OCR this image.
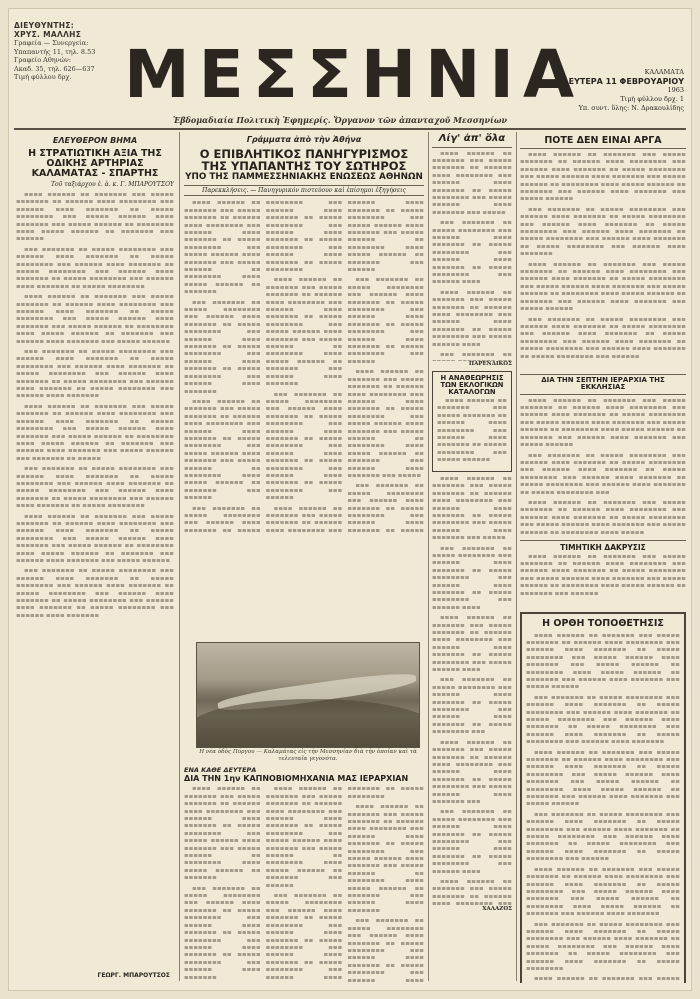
ΔΙΕΥΘΥΝΤΗΣ:
ΧΡΥΣ. ΜΑΛΛΗΣ
Γραφεία — Συνεργεία:
Υπαπαντής 11, τηλ. 8.53
Γραφείο Αθηνών:
Ακαδ. 35, τηλ. 626—637
Τιμή φύλλου δρχ. ΜΕΣΣΗΝΙΑ
Ἑβδομαδιαία Πολιτικὴ Ἐφημερίς. Ὄργανον τῶν ἁπανταχοῦ Μεσσηνίων
ΚΑΛΑΜΑΤΑ
ΔΕΥΤΕΡΑ 11 ΦΕΒΡΟΥΑΡΙΟΥ
1963
Τιμὴ φύλλου δρχ. 1
Υπ. συντ. ὕλης: Ν. Δρακουλίδης
ΕΛΕΥΘΕΡΟΝ ΒΗΜΑ
Η ΣΤΡΑΤΙΩΤΙΚΗ ΑΞΙΑ ΤΗΣ ΟΔΙΚΗΣ ΑΡΤΗΡΙΑΣ ΚΑΛΑΜΑΤΑΣ - ΣΠΑΡΤΗΣ
Τοῦ ταξιάρχου ἐ. ἀ. κ. Γ. ΜΠΑΡΟΥΤΣΟΥ

≡≡≡≡ ≡≡≡≡≡≡ ≡≡ ≡≡≡≡≡≡≡ ≡≡≡ ≡≡≡≡≡ ≡≡≡≡≡≡≡ ≡≡ ≡≡≡≡≡≡ ≡≡≡≡ ≡≡≡≡≡≡≡≡ ≡≡≡ ≡≡≡≡≡≡ ≡≡≡≡ ≡≡≡≡≡≡≡ ≡≡ ≡≡≡≡≡ ≡≡≡≡≡≡≡≡ ≡≡≡ ≡≡≡≡≡ ≡≡≡≡≡≡ ≡≡≡≡ ≡≡≡≡≡≡≡ ≡≡≡ ≡≡≡≡≡ ≡≡≡≡≡≡ ≡≡ ≡≡≡≡≡≡≡≡ ≡≡≡≡ ≡≡≡≡≡ ≡≡≡≡≡≡ ≡≡ ≡≡≡≡≡≡≡ ≡≡≡ ≡≡≡≡≡≡

≡≡≡ ≡≡≡≡≡≡≡ ≡≡ ≡≡≡≡≡ ≡≡≡≡≡≡≡≡ ≡≡≡ ≡≡≡≡≡≡ ≡≡≡≡ ≡≡≡≡≡≡≡ ≡≡ ≡≡≡≡≡ ≡≡≡≡≡≡≡≡ ≡≡≡ ≡≡≡≡≡≡ ≡≡≡≡ ≡≡≡≡≡≡≡ ≡≡ ≡≡≡≡≡ ≡≡≡≡≡≡≡≡ ≡≡≡ ≡≡≡≡≡≡ ≡≡≡≡ ≡≡≡≡≡≡≡ ≡≡ ≡≡≡≡≡ ≡≡≡≡≡≡≡≡ ≡≡≡ ≡≡≡≡≡≡ ≡≡≡≡ ≡≡≡≡≡≡≡ ≡≡ ≡≡≡≡≡ ≡≡≡≡≡≡≡≡

≡≡≡≡ ≡≡≡≡≡≡ ≡≡ ≡≡≡≡≡≡≡ ≡≡≡ ≡≡≡≡≡ ≡≡≡≡≡≡≡ ≡≡ ≡≡≡≡≡≡ ≡≡≡≡ ≡≡≡≡≡≡≡≡ ≡≡≡ ≡≡≡≡≡≡ ≡≡≡≡ ≡≡≡≡≡≡≡ ≡≡ ≡≡≡≡≡ ≡≡≡≡≡≡≡≡ ≡≡≡ ≡≡≡≡≡ ≡≡≡≡≡≡ ≡≡≡≡ ≡≡≡≡≡≡≡ ≡≡≡ ≡≡≡≡≡ ≡≡≡≡≡≡ ≡≡ ≡≡≡≡≡≡≡≡ ≡≡≡≡ ≡≡≡≡≡ ≡≡≡≡≡≡ ≡≡ ≡≡≡≡≡≡≡ ≡≡≡ ≡≡≡≡≡≡ ≡≡≡≡ ≡≡≡≡≡≡≡ ≡≡≡ ≡≡≡≡≡ ≡≡≡≡≡≡

≡≡≡ ≡≡≡≡≡≡≡ ≡≡ ≡≡≡≡≡ ≡≡≡≡≡≡≡≡ ≡≡≡ ≡≡≡≡≡≡ ≡≡≡≡ ≡≡≡≡≡≡≡ ≡≡ ≡≡≡≡≡ ≡≡≡≡≡≡≡≡ ≡≡≡ ≡≡≡≡≡≡ ≡≡≡≡ ≡≡≡≡≡≡≡ ≡≡ ≡≡≡≡≡ ≡≡≡≡≡≡≡≡ ≡≡≡ ≡≡≡≡≡≡ ≡≡≡≡ ≡≡≡≡≡≡≡ ≡≡ ≡≡≡≡≡ ≡≡≡≡≡≡≡≡ ≡≡≡ ≡≡≡≡≡≡ ≡≡≡≡ ≡≡≡≡≡≡≡ ≡≡ ≡≡≡≡≡ ≡≡≡≡≡≡≡≡ ≡≡≡ ≡≡≡≡≡≡ ≡≡≡≡ ≡≡≡≡≡≡≡

≡≡≡≡ ≡≡≡≡≡≡ ≡≡ ≡≡≡≡≡≡≡ ≡≡≡ ≡≡≡≡≡ ≡≡≡≡≡≡≡ ≡≡ ≡≡≡≡≡≡ ≡≡≡≡ ≡≡≡≡≡≡≡≡ ≡≡≡ ≡≡≡≡≡≡ ≡≡≡≡ ≡≡≡≡≡≡≡ ≡≡ ≡≡≡≡≡ ≡≡≡≡≡≡≡≡ ≡≡≡ ≡≡≡≡≡ ≡≡≡≡≡≡ ≡≡≡≡ ≡≡≡≡≡≡≡ ≡≡≡ ≡≡≡≡≡ ≡≡≡≡≡≡ ≡≡ ≡≡≡≡≡≡≡≡ ≡≡≡≡ ≡≡≡≡≡ ≡≡≡≡≡≡ ≡≡ ≡≡≡≡≡≡≡ ≡≡≡ ≡≡≡≡≡≡ ≡≡≡≡ ≡≡≡≡≡≡≡ ≡≡≡ ≡≡≡≡≡ ≡≡≡≡≡≡ ≡≡≡ ≡≡≡≡≡≡≡ ≡≡ ≡≡≡≡≡

≡≡≡ ≡≡≡≡≡≡≡ ≡≡ ≡≡≡≡≡ ≡≡≡≡≡≡≡≡ ≡≡≡ ≡≡≡≡≡≡ ≡≡≡≡ ≡≡≡≡≡≡≡ ≡≡ ≡≡≡≡≡ ≡≡≡≡≡≡≡≡ ≡≡≡ ≡≡≡≡≡≡ ≡≡≡≡ ≡≡≡≡≡≡≡ ≡≡ ≡≡≡≡≡ ≡≡≡≡≡≡≡≡ ≡≡≡ ≡≡≡≡≡≡ ≡≡≡≡ ≡≡≡≡≡≡≡ ≡≡ ≡≡≡≡≡ ≡≡≡≡≡≡≡≡ ≡≡≡ ≡≡≡≡≡≡ ≡≡≡≡ ≡≡≡≡≡≡≡ ≡≡ ≡≡≡≡≡ ≡≡≡≡≡≡≡≡

≡≡≡≡ ≡≡≡≡≡≡ ≡≡ ≡≡≡≡≡≡≡ ≡≡≡ ≡≡≡≡≡ ≡≡≡≡≡≡≡ ≡≡ ≡≡≡≡≡≡ ≡≡≡≡ ≡≡≡≡≡≡≡≡ ≡≡≡ ≡≡≡≡≡≡ ≡≡≡≡ ≡≡≡≡≡≡≡ ≡≡ ≡≡≡≡≡ ≡≡≡≡≡≡≡≡ ≡≡≡ ≡≡≡≡≡ ≡≡≡≡≡≡ ≡≡≡≡ ≡≡≡≡≡≡≡ ≡≡≡ ≡≡≡≡≡ ≡≡≡≡≡≡ ≡≡ ≡≡≡≡≡≡≡≡ ≡≡≡≡ ≡≡≡≡≡ ≡≡≡≡≡≡ ≡≡ ≡≡≡≡≡≡≡ ≡≡≡ ≡≡≡≡≡≡ ≡≡≡≡ ≡≡≡≡≡≡≡ ≡≡≡ ≡≡≡≡≡ ≡≡≡≡≡≡

≡≡≡ ≡≡≡≡≡≡≡ ≡≡ ≡≡≡≡≡ ≡≡≡≡≡≡≡≡ ≡≡≡ ≡≡≡≡≡≡ ≡≡≡≡ ≡≡≡≡≡≡≡ ≡≡ ≡≡≡≡≡ ≡≡≡≡≡≡≡≡ ≡≡≡ ≡≡≡≡≡≡ ≡≡≡≡ ≡≡≡≡≡≡≡ ≡≡ ≡≡≡≡≡ ≡≡≡≡≡≡≡≡ ≡≡≡ ≡≡≡≡≡≡ ≡≡≡≡ ≡≡≡≡≡≡≡ ≡≡ ≡≡≡≡≡ ≡≡≡≡≡≡≡≡ ≡≡≡ ≡≡≡≡≡≡ ≡≡≡≡ ≡≡≡≡≡≡≡ ≡≡ ≡≡≡≡≡ ≡≡≡≡≡≡≡≡ ≡≡≡ ≡≡≡≡≡≡ ≡≡≡≡ ≡≡≡≡≡≡≡

ΓΕΩΡΓ. ΜΠΑΡΟΥΤΣΟΣ
Γράμματα ἀπὸ τὴν Ἀθήνα
Ο ΕΠΙΒΛΗΤΙΚΟΣ ΠΑΝΗΓΥΡΙΣΜΟΣ
ΤΗΣ ΥΠΑΠΑΝΤΗΣ ΤΟΥ ΣΩΤΗΡΟΣ
ΥΠΟ ΤΗΣ ΠΑΜΜΕΣΣΗΝΙΑΚΗΣ ΕΝΩΣΕΩΣ ΑΘΗΝΩΝ
Παρεκκλήσεις. — Πανηγυρικόν πιστεύουν καὶ ἐπίσημοι ἐξηγήσεις

≡≡≡≡ ≡≡≡≡≡≡ ≡≡ ≡≡≡≡≡≡≡ ≡≡≡ ≡≡≡≡≡ ≡≡≡≡≡≡≡ ≡≡ ≡≡≡≡≡≡ ≡≡≡≡ ≡≡≡≡≡≡≡≡ ≡≡≡ ≡≡≡≡≡≡ ≡≡≡≡ ≡≡≡≡≡≡≡ ≡≡ ≡≡≡≡≡ ≡≡≡≡≡≡≡≡ ≡≡≡ ≡≡≡≡≡ ≡≡≡≡≡≡ ≡≡≡≡ ≡≡≡≡≡≡≡ ≡≡≡ ≡≡≡≡≡ ≡≡≡≡≡≡ ≡≡ ≡≡≡≡≡≡≡≡ ≡≡≡≡ ≡≡≡≡≡ ≡≡≡≡≡≡ ≡≡ ≡≡≡≡≡≡≡

≡≡≡ ≡≡≡≡≡≡≡ ≡≡ ≡≡≡≡≡ ≡≡≡≡≡≡≡≡ ≡≡≡ ≡≡≡≡≡≡ ≡≡≡≡ ≡≡≡≡≡≡≡ ≡≡ ≡≡≡≡≡ ≡≡≡≡≡≡≡≡ ≡≡≡ ≡≡≡≡≡≡ ≡≡≡≡ ≡≡≡≡≡≡≡ ≡≡ ≡≡≡≡≡ ≡≡≡≡≡≡≡≡ ≡≡≡ ≡≡≡≡≡≡ ≡≡≡≡ ≡≡≡≡≡≡≡ ≡≡ ≡≡≡≡≡ ≡≡≡≡≡≡≡≡ ≡≡≡ ≡≡≡≡≡≡ ≡≡≡≡ ≡≡≡≡≡≡≡

≡≡≡≡ ≡≡≡≡≡≡ ≡≡ ≡≡≡≡≡≡≡ ≡≡≡ ≡≡≡≡≡ ≡≡≡≡≡≡≡ ≡≡ ≡≡≡≡≡≡ ≡≡≡≡ ≡≡≡≡≡≡≡≡ ≡≡≡ ≡≡≡≡≡≡ ≡≡≡≡ ≡≡≡≡≡≡≡ ≡≡ ≡≡≡≡≡ ≡≡≡≡≡≡≡≡ ≡≡≡ ≡≡≡≡≡ ≡≡≡≡≡≡ ≡≡≡≡ ≡≡≡≡≡≡≡ ≡≡≡ ≡≡≡≡≡ ≡≡≡≡≡≡ ≡≡ ≡≡≡≡≡≡≡≡ ≡≡≡≡ ≡≡≡≡≡ ≡≡≡≡≡≡ ≡≡ ≡≡≡≡≡≡≡ ≡≡≡ ≡≡≡≡≡≡

≡≡≡ ≡≡≡≡≡≡≡ ≡≡ ≡≡≡≡≡ ≡≡≡≡≡≡≡≡ ≡≡≡ ≡≡≡≡≡≡ ≡≡≡≡ ≡≡≡≡≡≡≡ ≡≡ ≡≡≡≡≡ ≡≡≡≡≡≡≡≡ ≡≡≡ ≡≡≡≡≡≡ ≡≡≡≡ ≡≡≡≡≡≡≡ ≡≡ ≡≡≡≡≡ ≡≡≡≡≡≡≡≡ ≡≡≡ ≡≡≡≡≡≡ ≡≡≡≡ ≡≡≡≡≡≡≡ ≡≡ ≡≡≡≡≡ ≡≡≡≡≡≡≡≡ ≡≡≡ ≡≡≡≡≡≡ ≡≡≡≡ ≡≡≡≡≡≡≡ ≡≡ ≡≡≡≡≡ ≡≡≡≡≡≡≡≡

≡≡≡≡ ≡≡≡≡≡≡ ≡≡ ≡≡≡≡≡≡≡ ≡≡≡ ≡≡≡≡≡ ≡≡≡≡≡≡≡ ≡≡ ≡≡≡≡≡≡ ≡≡≡≡ ≡≡≡≡≡≡≡≡ ≡≡≡ ≡≡≡≡≡≡ ≡≡≡≡ ≡≡≡≡≡≡≡ ≡≡ ≡≡≡≡≡ ≡≡≡≡≡≡≡≡ ≡≡≡ ≡≡≡≡≡ ≡≡≡≡≡≡ ≡≡≡≡ ≡≡≡≡≡≡≡ ≡≡≡ ≡≡≡≡≡ ≡≡≡≡≡≡ ≡≡ ≡≡≡≡≡≡≡≡ ≡≡≡≡ ≡≡≡≡≡ ≡≡≡≡≡≡ ≡≡ ≡≡≡≡≡≡≡ ≡≡≡ ≡≡≡≡≡≡ ≡≡≡≡ ≡≡≡≡≡≡≡

≡≡≡ ≡≡≡≡≡≡≡ ≡≡ ≡≡≡≡≡ ≡≡≡≡≡≡≡≡ ≡≡≡ ≡≡≡≡≡≡ ≡≡≡≡ ≡≡≡≡≡≡≡ ≡≡ ≡≡≡≡≡ ≡≡≡≡≡≡≡≡ ≡≡≡ ≡≡≡≡≡≡ ≡≡≡≡ ≡≡≡≡≡≡≡ ≡≡ ≡≡≡≡≡ ≡≡≡≡≡≡≡≡ ≡≡≡ ≡≡≡≡≡≡ ≡≡≡≡ ≡≡≡≡≡≡≡ ≡≡ ≡≡≡≡≡ ≡≡≡≡≡≡≡≡ ≡≡≡ ≡≡≡≡≡≡ ≡≡≡≡ ≡≡≡≡≡≡≡ ≡≡ ≡≡≡≡≡ ≡≡≡≡≡≡≡≡ ≡≡≡ ≡≡≡≡≡≡

≡≡≡≡ ≡≡≡≡≡≡ ≡≡ ≡≡≡≡≡≡≡ ≡≡≡ ≡≡≡≡≡ ≡≡≡≡≡≡≡ ≡≡ ≡≡≡≡≡≡ ≡≡≡≡ ≡≡≡≡≡≡≡≡ ≡≡≡ ≡≡≡≡≡≡ ≡≡≡≡ ≡≡≡≡≡≡≡ ≡≡ ≡≡≡≡≡ ≡≡≡≡≡≡≡≡ ≡≡≡ ≡≡≡≡≡ ≡≡≡≡≡≡ ≡≡≡≡ ≡≡≡≡≡≡≡ ≡≡≡ ≡≡≡≡≡ ≡≡≡≡≡≡ ≡≡ ≡≡≡≡≡≡≡≡ ≡≡≡≡ ≡≡≡≡≡ ≡≡≡≡≡≡ ≡≡ ≡≡≡≡≡≡≡ ≡≡≡ ≡≡≡≡≡≡

≡≡≡ ≡≡≡≡≡≡≡ ≡≡ ≡≡≡≡≡ ≡≡≡≡≡≡≡≡ ≡≡≡ ≡≡≡≡≡≡ ≡≡≡≡ ≡≡≡≡≡≡≡ ≡≡ ≡≡≡≡≡ ≡≡≡≡≡≡≡≡ ≡≡≡ ≡≡≡≡≡≡ ≡≡≡≡ ≡≡≡≡≡≡≡ ≡≡ ≡≡≡≡≡ ≡≡≡≡≡≡≡≡ ≡≡≡ ≡≡≡≡≡≡ ≡≡≡≡ ≡≡≡≡≡≡≡ ≡≡ ≡≡≡≡≡ ≡≡≡≡≡≡≡≡ ≡≡≡ ≡≡≡≡≡≡

≡≡≡≡ ≡≡≡≡≡≡ ≡≡ ≡≡≡≡≡≡≡ ≡≡≡ ≡≡≡≡≡ ≡≡≡≡≡≡≡ ≡≡ ≡≡≡≡≡≡ ≡≡≡≡ ≡≡≡≡≡≡≡≡ ≡≡≡ ≡≡≡≡≡≡ ≡≡≡≡ ≡≡≡≡≡≡≡ ≡≡ ≡≡≡≡≡ ≡≡≡≡≡≡≡≡ ≡≡≡ ≡≡≡≡≡ ≡≡≡≡≡≡ ≡≡≡≡ ≡≡≡≡≡≡≡ ≡≡≡ ≡≡≡≡≡ ≡≡≡≡≡≡ ≡≡ ≡≡≡≡≡≡≡≡ ≡≡≡≡ ≡≡≡≡≡ ≡≡≡≡≡≡ ≡≡ ≡≡≡≡≡≡≡ ≡≡≡ ≡≡≡≡≡≡ ≡≡≡≡ ≡≡≡≡≡≡≡ ≡≡≡ ≡≡≡≡≡

≡≡≡ ≡≡≡≡≡≡≡ ≡≡ ≡≡≡≡≡ ≡≡≡≡≡≡≡≡ ≡≡≡ ≡≡≡≡≡≡ ≡≡≡≡ ≡≡≡≡≡≡≡ ≡≡ ≡≡≡≡≡ ≡≡≡≡≡≡≡≡ ≡≡≡ ≡≡≡≡≡≡ ≡≡≡≡ ≡≡≡≡≡≡≡ ≡≡ ≡≡≡≡≡

Η νέα ὁδὸς Πύργου — Καλαμάτας εἰς τὴν Μεσσηνίαν διὰ τὴν ὁποίαν καὶ τὰ τελευταῖα γεγονότα.
ΕΝΑ ΚΑΘΕ ΔΕΥΤΕΡΑ
ΔΙΑ ΤΗΝ 1ην ΚΑΠΝΟΒΙΟΜΗΧΑΝΙΑ ΜΑΣ ΙΕΡΑΡΧΙΑΝ

≡≡≡≡ ≡≡≡≡≡≡ ≡≡ ≡≡≡≡≡≡≡ ≡≡≡ ≡≡≡≡≡ ≡≡≡≡≡≡≡ ≡≡ ≡≡≡≡≡≡ ≡≡≡≡ ≡≡≡≡≡≡≡≡ ≡≡≡ ≡≡≡≡≡≡ ≡≡≡≡ ≡≡≡≡≡≡≡ ≡≡ ≡≡≡≡≡ ≡≡≡≡≡≡≡≡ ≡≡≡ ≡≡≡≡≡ ≡≡≡≡≡≡ ≡≡≡≡ ≡≡≡≡≡≡≡ ≡≡≡ ≡≡≡≡≡ ≡≡≡≡≡≡ ≡≡ ≡≡≡≡≡≡≡≡ ≡≡≡≡ ≡≡≡≡≡ ≡≡≡≡≡≡ ≡≡ ≡≡≡≡≡≡≡

≡≡≡ ≡≡≡≡≡≡≡ ≡≡ ≡≡≡≡≡ ≡≡≡≡≡≡≡≡ ≡≡≡ ≡≡≡≡≡≡ ≡≡≡≡ ≡≡≡≡≡≡≡ ≡≡ ≡≡≡≡≡ ≡≡≡≡≡≡≡≡ ≡≡≡ ≡≡≡≡≡≡ ≡≡≡≡ ≡≡≡≡≡≡≡ ≡≡ ≡≡≡≡≡ ≡≡≡≡≡≡≡≡ ≡≡≡ ≡≡≡≡≡≡ ≡≡≡≡ ≡≡≡≡≡≡≡ ≡≡ ≡≡≡≡≡ ≡≡≡≡≡≡≡≡ ≡≡≡ ≡≡≡≡≡≡ ≡≡≡≡ ≡≡≡≡≡≡≡

≡≡≡≡ ≡≡≡≡≡≡ ≡≡ ≡≡≡≡≡≡≡ ≡≡≡ ≡≡≡≡≡ ≡≡≡≡≡≡≡ ≡≡ ≡≡≡≡≡≡ ≡≡≡≡ ≡≡≡≡≡≡≡≡ ≡≡≡ ≡≡≡≡≡≡ ≡≡≡≡ ≡≡≡≡≡≡≡ ≡≡ ≡≡≡≡≡ ≡≡≡≡≡≡≡≡ ≡≡≡ ≡≡≡≡≡ ≡≡≡≡≡≡ ≡≡≡≡ ≡≡≡≡≡≡≡ ≡≡≡ ≡≡≡≡≡ ≡≡≡≡≡≡ ≡≡ ≡≡≡≡≡≡≡≡ ≡≡≡≡ ≡≡≡≡≡ ≡≡≡≡≡≡ ≡≡ ≡≡≡≡≡≡≡ ≡≡≡ ≡≡≡≡≡≡

≡≡≡ ≡≡≡≡≡≡≡ ≡≡ ≡≡≡≡≡ ≡≡≡≡≡≡≡≡ ≡≡≡ ≡≡≡≡≡≡ ≡≡≡≡ ≡≡≡≡≡≡≡ ≡≡ ≡≡≡≡≡ ≡≡≡≡≡≡≡≡ ≡≡≡ ≡≡≡≡≡≡ ≡≡≡≡ ≡≡≡≡≡≡≡ ≡≡ ≡≡≡≡≡ ≡≡≡≡≡≡≡≡ ≡≡≡ ≡≡≡≡≡≡ ≡≡≡≡ ≡≡≡≡≡≡≡ ≡≡ ≡≡≡≡≡ ≡≡≡≡≡≡≡≡ ≡≡≡ ≡≡≡≡≡≡ ≡≡≡≡ ≡≡≡≡≡≡≡ ≡≡ ≡≡≡≡≡ ≡≡≡≡≡≡≡≡

≡≡≡≡ ≡≡≡≡≡≡ ≡≡ ≡≡≡≡≡≡≡ ≡≡≡ ≡≡≡≡≡ ≡≡≡≡≡≡≡ ≡≡ ≡≡≡≡≡≡ ≡≡≡≡ ≡≡≡≡≡≡≡≡ ≡≡≡ ≡≡≡≡≡≡ ≡≡≡≡ ≡≡≡≡≡≡≡ ≡≡ ≡≡≡≡≡ ≡≡≡≡≡≡≡≡ ≡≡≡ ≡≡≡≡≡ ≡≡≡≡≡≡ ≡≡≡≡ ≡≡≡≡≡≡≡ ≡≡≡ ≡≡≡≡≡ ≡≡≡≡≡≡ ≡≡ ≡≡≡≡≡≡≡≡ ≡≡≡≡ ≡≡≡≡≡ ≡≡≡≡≡≡ ≡≡ ≡≡≡≡≡≡≡ ≡≡≡ ≡≡≡≡≡≡ ≡≡≡≡ ≡≡≡≡≡≡≡

≡≡≡ ≡≡≡≡≡≡≡ ≡≡ ≡≡≡≡≡ ≡≡≡≡≡≡≡≡ ≡≡≡ ≡≡≡≡≡≡ ≡≡≡≡ ≡≡≡≡≡≡≡ ≡≡ ≡≡≡≡≡ ≡≡≡≡≡≡≡≡ ≡≡≡ ≡≡≡≡≡≡ ≡≡≡≡ ≡≡≡≡≡≡≡ ≡≡ ≡≡≡≡≡ ≡≡≡≡≡≡≡≡ ≡≡≡ ≡≡≡≡≡≡ ≡≡≡≡

Λίγ' ἀπ' ὅλα

≡≡≡≡ ≡≡≡≡≡≡ ≡≡ ≡≡≡≡≡≡≡ ≡≡≡ ≡≡≡≡≡ ≡≡≡≡≡≡≡ ≡≡ ≡≡≡≡≡≡ ≡≡≡≡ ≡≡≡≡≡≡≡≡ ≡≡≡ ≡≡≡≡≡≡ ≡≡≡≡ ≡≡≡≡≡≡≡ ≡≡ ≡≡≡≡≡ ≡≡≡≡≡≡≡≡ ≡≡≡ ≡≡≡≡≡ ≡≡≡≡≡≡ ≡≡≡≡ ≡≡≡≡≡≡≡ ≡≡≡ ≡≡≡≡≡

≡≡≡ ≡≡≡≡≡≡≡ ≡≡ ≡≡≡≡≡ ≡≡≡≡≡≡≡≡ ≡≡≡ ≡≡≡≡≡≡ ≡≡≡≡ ≡≡≡≡≡≡≡ ≡≡ ≡≡≡≡≡ ≡≡≡≡≡≡≡≡ ≡≡≡ ≡≡≡≡≡≡ ≡≡≡≡ ≡≡≡≡≡≡≡ ≡≡ ≡≡≡≡≡ ≡≡≡≡≡≡≡≡ ≡≡≡ ≡≡≡≡≡≡ ≡≡≡≡

≡≡≡≡ ≡≡≡≡≡≡ ≡≡ ≡≡≡≡≡≡≡ ≡≡≡ ≡≡≡≡≡ ≡≡≡≡≡≡≡ ≡≡ ≡≡≡≡≡≡ ≡≡≡≡ ≡≡≡≡≡≡≡≡ ≡≡≡ ≡≡≡≡≡≡ ≡≡≡≡ ≡≡≡≡≡≡≡ ≡≡ ≡≡≡≡≡ ≡≡≡≡≡≡≡≡ ≡≡≡ ≡≡≡≡≡ ≡≡≡≡≡≡ ≡≡≡≡

≡≡≡ ≡≡≡≡≡≡≡ ≡≡

ΠΑΡΕΝΔΙΚΟΣ
Η ΑΝΑΘΕΩΡΗΣΙΣ ΤΩΝ ΕΚΛΟΓΙΚΩΝ ΚΑΤΑΛΟΓΩΝ

≡≡≡≡ ≡≡≡≡≡≡ ≡≡ ≡≡≡≡≡≡≡ ≡≡≡ ≡≡≡≡≡ ≡≡≡≡≡≡≡ ≡≡ ≡≡≡≡≡≡ ≡≡≡≡ ≡≡≡≡≡≡≡≡ ≡≡≡ ≡≡≡≡≡≡ ≡≡≡≡ ≡≡≡≡≡≡≡ ≡≡ ≡≡≡≡≡ ≡≡≡≡≡≡≡≡ ≡≡≡ ≡≡≡≡≡ ≡≡≡≡≡≡

≡≡≡≡ ≡≡≡≡≡≡ ≡≡ ≡≡≡≡≡≡≡ ≡≡≡ ≡≡≡≡≡ ≡≡≡≡≡≡≡ ≡≡ ≡≡≡≡≡≡ ≡≡≡≡ ≡≡≡≡≡≡≡≡ ≡≡≡ ≡≡≡≡≡≡ ≡≡≡≡ ≡≡≡≡≡≡≡ ≡≡ ≡≡≡≡≡ ≡≡≡≡≡≡≡≡ ≡≡≡ ≡≡≡≡≡ ≡≡≡≡≡≡ ≡≡≡≡ ≡≡≡≡≡≡≡ ≡≡≡ ≡≡≡≡≡

≡≡≡ ≡≡≡≡≡≡≡ ≡≡ ≡≡≡≡≡ ≡≡≡≡≡≡≡≡ ≡≡≡ ≡≡≡≡≡≡ ≡≡≡≡ ≡≡≡≡≡≡≡ ≡≡ ≡≡≡≡≡ ≡≡≡≡≡≡≡≡ ≡≡≡ ≡≡≡≡≡≡ ≡≡≡≡ ≡≡≡≡≡≡≡ ≡≡ ≡≡≡≡≡ ≡≡≡≡≡≡≡≡ ≡≡≡ ≡≡≡≡≡≡ ≡≡≡≡

≡≡≡≡ ≡≡≡≡≡≡ ≡≡ ≡≡≡≡≡≡≡ ≡≡≡ ≡≡≡≡≡ ≡≡≡≡≡≡≡ ≡≡ ≡≡≡≡≡≡ ≡≡≡≡ ≡≡≡≡≡≡≡≡ ≡≡≡ ≡≡≡≡≡≡ ≡≡≡≡ ≡≡≡≡≡≡≡ ≡≡ ≡≡≡≡≡ ≡≡≡≡≡≡≡≡ ≡≡≡ ≡≡≡≡≡ ≡≡≡≡≡≡ ≡≡≡≡

≡≡≡ ≡≡≡≡≡≡≡ ≡≡ ≡≡≡≡≡ ≡≡≡≡≡≡≡≡ ≡≡≡ ≡≡≡≡≡≡ ≡≡≡≡ ≡≡≡≡≡≡≡ ≡≡ ≡≡≡≡≡ ≡≡≡≡≡≡≡≡ ≡≡≡ ≡≡≡≡≡≡ ≡≡≡≡ ≡≡≡≡≡≡≡ ≡≡ ≡≡≡≡≡ ≡≡≡≡≡≡≡≡ ≡≡≡

≡≡≡≡ ≡≡≡≡≡≡ ≡≡ ≡≡≡≡≡≡≡ ≡≡≡ ≡≡≡≡≡ ≡≡≡≡≡≡≡ ≡≡ ≡≡≡≡≡≡ ≡≡≡≡ ≡≡≡≡≡≡≡≡ ≡≡≡ ≡≡≡≡≡≡ ≡≡≡≡ ≡≡≡≡≡≡≡ ≡≡ ≡≡≡≡≡ ≡≡≡≡≡≡≡≡ ≡≡≡ ≡≡≡≡≡ ≡≡≡≡≡≡ ≡≡≡≡ ≡≡≡≡≡≡≡ ≡≡≡

≡≡≡ ≡≡≡≡≡≡≡ ≡≡ ≡≡≡≡≡ ≡≡≡≡≡≡≡≡ ≡≡≡ ≡≡≡≡≡≡ ≡≡≡≡ ≡≡≡≡≡≡≡ ≡≡ ≡≡≡≡≡ ≡≡≡≡≡≡≡≡ ≡≡≡ ≡≡≡≡≡≡ ≡≡≡≡ ≡≡≡≡≡≡≡ ≡≡ ≡≡≡≡≡ ≡≡≡≡≡≡≡≡ ≡≡≡ ≡≡≡≡≡≡ ≡≡≡≡

≡≡≡≡ ≡≡≡≡≡≡ ≡≡ ≡≡≡≡≡≡≡ ≡≡≡ ≡≡≡≡≡ ≡≡≡≡≡≡≡ ≡≡ ≡≡≡≡≡≡ ≡≡≡≡ ≡≡≡≡≡≡≡≡ ≡≡≡

ΧΑΛΑΖΟΣ
ΠΟΤΕ ΔΕΝ ΕΙΝΑΙ ΑΡΓΑ

≡≡≡≡ ≡≡≡≡≡≡ ≡≡ ≡≡≡≡≡≡≡ ≡≡≡ ≡≡≡≡≡ ≡≡≡≡≡≡≡ ≡≡ ≡≡≡≡≡≡ ≡≡≡≡ ≡≡≡≡≡≡≡≡ ≡≡≡ ≡≡≡≡≡≡ ≡≡≡≡ ≡≡≡≡≡≡≡ ≡≡ ≡≡≡≡≡ ≡≡≡≡≡≡≡≡ ≡≡≡ ≡≡≡≡≡ ≡≡≡≡≡≡ ≡≡≡≡ ≡≡≡≡≡≡≡ ≡≡≡ ≡≡≡≡≡ ≡≡≡≡≡≡ ≡≡ ≡≡≡≡≡≡≡≡ ≡≡≡≡ ≡≡≡≡≡ ≡≡≡≡≡≡ ≡≡ ≡≡≡≡≡≡≡ ≡≡≡ ≡≡≡≡≡≡ ≡≡≡≡ ≡≡≡≡≡≡≡ ≡≡≡ ≡≡≡≡≡ ≡≡≡≡≡≡

≡≡≡ ≡≡≡≡≡≡≡ ≡≡ ≡≡≡≡≡ ≡≡≡≡≡≡≡≡ ≡≡≡ ≡≡≡≡≡≡ ≡≡≡≡ ≡≡≡≡≡≡≡ ≡≡ ≡≡≡≡≡ ≡≡≡≡≡≡≡≡ ≡≡≡ ≡≡≡≡≡≡ ≡≡≡≡ ≡≡≡≡≡≡≡ ≡≡ ≡≡≡≡≡ ≡≡≡≡≡≡≡≡ ≡≡≡ ≡≡≡≡≡≡ ≡≡≡≡ ≡≡≡≡≡≡≡ ≡≡ ≡≡≡≡≡ ≡≡≡≡≡≡≡≡ ≡≡≡ ≡≡≡≡≡≡ ≡≡≡≡ ≡≡≡≡≡≡≡ ≡≡ ≡≡≡≡≡ ≡≡≡≡≡≡≡≡ ≡≡≡ ≡≡≡≡≡≡ ≡≡≡≡ ≡≡≡≡≡≡≡

≡≡≡≡ ≡≡≡≡≡≡ ≡≡ ≡≡≡≡≡≡≡ ≡≡≡ ≡≡≡≡≡ ≡≡≡≡≡≡≡ ≡≡ ≡≡≡≡≡≡ ≡≡≡≡ ≡≡≡≡≡≡≡≡ ≡≡≡ ≡≡≡≡≡≡ ≡≡≡≡ ≡≡≡≡≡≡≡ ≡≡ ≡≡≡≡≡ ≡≡≡≡≡≡≡≡ ≡≡≡ ≡≡≡≡≡ ≡≡≡≡≡≡ ≡≡≡≡ ≡≡≡≡≡≡≡ ≡≡≡ ≡≡≡≡≡ ≡≡≡≡≡≡ ≡≡ ≡≡≡≡≡≡≡≡ ≡≡≡≡ ≡≡≡≡≡ ≡≡≡≡≡≡ ≡≡ ≡≡≡≡≡≡≡ ≡≡≡ ≡≡≡≡≡≡ ≡≡≡≡ ≡≡≡≡≡≡≡ ≡≡≡ ≡≡≡≡≡ ≡≡≡≡≡≡

≡≡≡ ≡≡≡≡≡≡≡ ≡≡ ≡≡≡≡≡ ≡≡≡≡≡≡≡≡ ≡≡≡ ≡≡≡≡≡≡ ≡≡≡≡ ≡≡≡≡≡≡≡ ≡≡ ≡≡≡≡≡ ≡≡≡≡≡≡≡≡ ≡≡≡ ≡≡≡≡≡≡ ≡≡≡≡ ≡≡≡≡≡≡≡ ≡≡ ≡≡≡≡≡ ≡≡≡≡≡≡≡≡ ≡≡≡ ≡≡≡≡≡≡ ≡≡≡≡ ≡≡≡≡≡≡≡ ≡≡ ≡≡≡≡≡ ≡≡≡≡≡≡≡≡ ≡≡≡ ≡≡≡≡≡≡ ≡≡≡≡ ≡≡≡≡≡≡≡ ≡≡ ≡≡≡≡≡ ≡≡≡≡≡≡≡≡ ≡≡≡ ≡≡≡≡≡≡

ΔΙΑ ΤΗΝ ΣΕΠΤΗΝ ΙΕΡΑΡΧΙΑ ΤΗΣ ΕΚΚΛΗΣΙΑΣ

≡≡≡≡ ≡≡≡≡≡≡ ≡≡ ≡≡≡≡≡≡≡ ≡≡≡ ≡≡≡≡≡ ≡≡≡≡≡≡≡ ≡≡ ≡≡≡≡≡≡ ≡≡≡≡ ≡≡≡≡≡≡≡≡ ≡≡≡ ≡≡≡≡≡≡ ≡≡≡≡ ≡≡≡≡≡≡≡ ≡≡ ≡≡≡≡≡ ≡≡≡≡≡≡≡≡ ≡≡≡ ≡≡≡≡≡ ≡≡≡≡≡≡ ≡≡≡≡ ≡≡≡≡≡≡≡ ≡≡≡ ≡≡≡≡≡ ≡≡≡≡≡≡ ≡≡ ≡≡≡≡≡≡≡≡ ≡≡≡≡ ≡≡≡≡≡ ≡≡≡≡≡≡ ≡≡ ≡≡≡≡≡≡≡ ≡≡≡ ≡≡≡≡≡≡ ≡≡≡≡ ≡≡≡≡≡≡≡ ≡≡≡ ≡≡≡≡≡ ≡≡≡≡≡≡

≡≡≡ ≡≡≡≡≡≡≡ ≡≡ ≡≡≡≡≡ ≡≡≡≡≡≡≡≡ ≡≡≡ ≡≡≡≡≡≡ ≡≡≡≡ ≡≡≡≡≡≡≡ ≡≡ ≡≡≡≡≡ ≡≡≡≡≡≡≡≡ ≡≡≡ ≡≡≡≡≡≡ ≡≡≡≡ ≡≡≡≡≡≡≡ ≡≡ ≡≡≡≡≡ ≡≡≡≡≡≡≡≡ ≡≡≡ ≡≡≡≡≡≡ ≡≡≡≡ ≡≡≡≡≡≡≡ ≡≡ ≡≡≡≡≡ ≡≡≡≡≡≡≡≡ ≡≡≡ ≡≡≡≡≡≡ ≡≡≡≡ ≡≡≡≡≡≡≡ ≡≡ ≡≡≡≡≡ ≡≡≡≡≡≡≡≡ ≡≡≡

≡≡≡≡ ≡≡≡≡≡≡ ≡≡ ≡≡≡≡≡≡≡ ≡≡≡ ≡≡≡≡≡ ≡≡≡≡≡≡≡ ≡≡ ≡≡≡≡≡≡ ≡≡≡≡ ≡≡≡≡≡≡≡≡ ≡≡≡ ≡≡≡≡≡≡ ≡≡≡≡ ≡≡≡≡≡≡≡ ≡≡ ≡≡≡≡≡ ≡≡≡≡≡≡≡≡ ≡≡≡ ≡≡≡≡≡ ≡≡≡≡≡≡ ≡≡≡≡ ≡≡≡≡≡≡≡ ≡≡≡ ≡≡≡≡≡ ≡≡≡≡≡≡ ≡≡ ≡≡≡≡≡≡≡≡ ≡≡≡≡ ≡≡≡≡≡

ΤΙΜΗΤΙΚΗ ΔΑΚΡΥΣΙΣ

≡≡≡≡ ≡≡≡≡≡≡ ≡≡ ≡≡≡≡≡≡≡ ≡≡≡ ≡≡≡≡≡ ≡≡≡≡≡≡≡ ≡≡ ≡≡≡≡≡≡ ≡≡≡≡ ≡≡≡≡≡≡≡≡ ≡≡≡ ≡≡≡≡≡≡ ≡≡≡≡ ≡≡≡≡≡≡≡ ≡≡ ≡≡≡≡≡ ≡≡≡≡≡≡≡≡ ≡≡≡ ≡≡≡≡≡ ≡≡≡≡≡≡ ≡≡≡≡ ≡≡≡≡≡≡≡ ≡≡≡ ≡≡≡≡≡ ≡≡≡≡≡≡ ≡≡ ≡≡≡≡≡≡≡≡ ≡≡≡≡ ≡≡≡≡≡ ≡≡≡≡≡≡ ≡≡ ≡≡≡≡≡≡≡ ≡≡≡ ≡≡≡≡≡≡

Η ΟΡΘΗ ΤΟΠΟΘΕΤΗΣΙΣ

≡≡≡≡ ≡≡≡≡≡≡ ≡≡ ≡≡≡≡≡≡≡ ≡≡≡ ≡≡≡≡≡ ≡≡≡≡≡≡≡ ≡≡ ≡≡≡≡≡≡ ≡≡≡≡ ≡≡≡≡≡≡≡≡ ≡≡≡ ≡≡≡≡≡≡ ≡≡≡≡ ≡≡≡≡≡≡≡ ≡≡ ≡≡≡≡≡ ≡≡≡≡≡≡≡≡ ≡≡≡ ≡≡≡≡≡ ≡≡≡≡≡≡ ≡≡≡≡ ≡≡≡≡≡≡≡ ≡≡≡ ≡≡≡≡≡ ≡≡≡≡≡≡ ≡≡ ≡≡≡≡≡≡≡≡ ≡≡≡≡ ≡≡≡≡≡ ≡≡≡≡≡≡ ≡≡ ≡≡≡≡≡≡≡ ≡≡≡ ≡≡≡≡≡≡ ≡≡≡≡ ≡≡≡≡≡≡≡ ≡≡≡ ≡≡≡≡≡ ≡≡≡≡≡≡

≡≡≡ ≡≡≡≡≡≡≡ ≡≡ ≡≡≡≡≡ ≡≡≡≡≡≡≡≡ ≡≡≡ ≡≡≡≡≡≡ ≡≡≡≡ ≡≡≡≡≡≡≡ ≡≡ ≡≡≡≡≡ ≡≡≡≡≡≡≡≡ ≡≡≡ ≡≡≡≡≡≡ ≡≡≡≡ ≡≡≡≡≡≡≡ ≡≡ ≡≡≡≡≡ ≡≡≡≡≡≡≡≡ ≡≡≡ ≡≡≡≡≡≡ ≡≡≡≡ ≡≡≡≡≡≡≡ ≡≡ ≡≡≡≡≡ ≡≡≡≡≡≡≡≡ ≡≡≡ ≡≡≡≡≡≡ ≡≡≡≡ ≡≡≡≡≡≡≡ ≡≡ ≡≡≡≡≡ ≡≡≡≡≡≡≡≡ ≡≡≡ ≡≡≡≡≡≡ ≡≡≡≡ ≡≡≡≡≡≡≡

≡≡≡≡ ≡≡≡≡≡≡ ≡≡ ≡≡≡≡≡≡≡ ≡≡≡ ≡≡≡≡≡ ≡≡≡≡≡≡≡ ≡≡ ≡≡≡≡≡≡ ≡≡≡≡ ≡≡≡≡≡≡≡≡ ≡≡≡ ≡≡≡≡≡≡ ≡≡≡≡ ≡≡≡≡≡≡≡ ≡≡ ≡≡≡≡≡ ≡≡≡≡≡≡≡≡ ≡≡≡ ≡≡≡≡≡ ≡≡≡≡≡≡ ≡≡≡≡ ≡≡≡≡≡≡≡ ≡≡≡ ≡≡≡≡≡ ≡≡≡≡≡≡ ≡≡ ≡≡≡≡≡≡≡≡ ≡≡≡≡ ≡≡≡≡≡ ≡≡≡≡≡≡ ≡≡ ≡≡≡≡≡≡≡ ≡≡≡ ≡≡≡≡≡≡ ≡≡≡≡ ≡≡≡≡≡≡≡ ≡≡≡ ≡≡≡≡≡ ≡≡≡≡≡≡

≡≡≡ ≡≡≡≡≡≡≡ ≡≡ ≡≡≡≡≡ ≡≡≡≡≡≡≡≡ ≡≡≡ ≡≡≡≡≡≡ ≡≡≡≡ ≡≡≡≡≡≡≡ ≡≡ ≡≡≡≡≡ ≡≡≡≡≡≡≡≡ ≡≡≡ ≡≡≡≡≡≡ ≡≡≡≡ ≡≡≡≡≡≡≡ ≡≡ ≡≡≡≡≡ ≡≡≡≡≡≡≡≡ ≡≡≡ ≡≡≡≡≡≡ ≡≡≡≡ ≡≡≡≡≡≡≡ ≡≡ ≡≡≡≡≡ ≡≡≡≡≡≡≡≡ ≡≡≡ ≡≡≡≡≡≡ ≡≡≡≡ ≡≡≡≡≡≡≡ ≡≡ ≡≡≡≡≡ ≡≡≡≡≡≡≡≡ ≡≡≡ ≡≡≡≡≡≡

≡≡≡≡ ≡≡≡≡≡≡ ≡≡ ≡≡≡≡≡≡≡ ≡≡≡ ≡≡≡≡≡ ≡≡≡≡≡≡≡ ≡≡ ≡≡≡≡≡≡ ≡≡≡≡ ≡≡≡≡≡≡≡≡ ≡≡≡ ≡≡≡≡≡≡ ≡≡≡≡ ≡≡≡≡≡≡≡ ≡≡ ≡≡≡≡≡ ≡≡≡≡≡≡≡≡ ≡≡≡ ≡≡≡≡≡ ≡≡≡≡≡≡ ≡≡≡≡ ≡≡≡≡≡≡≡ ≡≡≡ ≡≡≡≡≡ ≡≡≡≡≡≡ ≡≡ ≡≡≡≡≡≡≡≡ ≡≡≡≡ ≡≡≡≡≡ ≡≡≡≡≡≡ ≡≡ ≡≡≡≡≡≡≡ ≡≡≡ ≡≡≡≡≡≡ ≡≡≡≡ ≡≡≡≡≡≡≡

≡≡≡ ≡≡≡≡≡≡≡ ≡≡ ≡≡≡≡≡ ≡≡≡≡≡≡≡≡ ≡≡≡ ≡≡≡≡≡≡ ≡≡≡≡ ≡≡≡≡≡≡≡ ≡≡ ≡≡≡≡≡ ≡≡≡≡≡≡≡≡ ≡≡≡ ≡≡≡≡≡≡ ≡≡≡≡ ≡≡≡≡≡≡≡ ≡≡ ≡≡≡≡≡ ≡≡≡≡≡≡≡≡ ≡≡≡ ≡≡≡≡≡≡ ≡≡≡≡ ≡≡≡≡≡≡≡ ≡≡ ≡≡≡≡≡ ≡≡≡≡≡≡≡≡ ≡≡≡ ≡≡≡≡≡≡ ≡≡≡≡ ≡≡≡≡≡≡≡ ≡≡ ≡≡≡≡≡ ≡≡≡≡≡≡≡≡

≡≡≡≡ ≡≡≡≡≡≡ ≡≡ ≡≡≡≡≡≡≡ ≡≡≡ ≡≡≡≡≡
